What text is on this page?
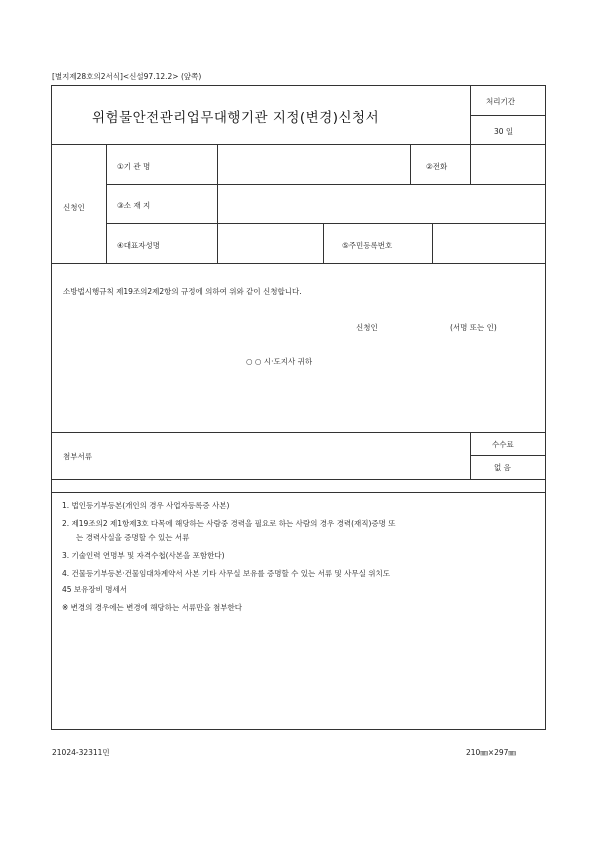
[별지제28호의2서식]<신설97.12.2> (앞쪽)
위험물안전관리업무대행기관 지정(변경)신청서
처리기간
30 일
신청인
①기 관 명	②전화
③소 재 지
④대표자성명	⑤주민등록번호
소방법시행규칙 제19조의2제2항의 규정에 의하여 위와 같이 신청합니다.
신청인	(서명 또는 인)
○ ○ 시·도지사 귀하
첨부서류
수수료
없 음
1. 법인등기부등본(개인의 경우 사업자등록증 사본)
2. 제19조의2 제1항제3호 다목에 해당하는 사람중 경력을 필요로 하는 사람의 경우 경력(재직)증명 또
는 경력사실을 증명할 수 있는 서류
3. 기술인력 연명부 및 자격수첩(사본을 포함한다)
4. 건물등기부등본·건물임대차계약서 사본 기타 사무실 보유를 증명할 수 있는 서류 및 사무실 위치도
45 보유장비 명세서
※ 변경의 경우에는 변경에 해당하는 서류만을 첨부한다
21024-32311민	210㎜×297㎜
